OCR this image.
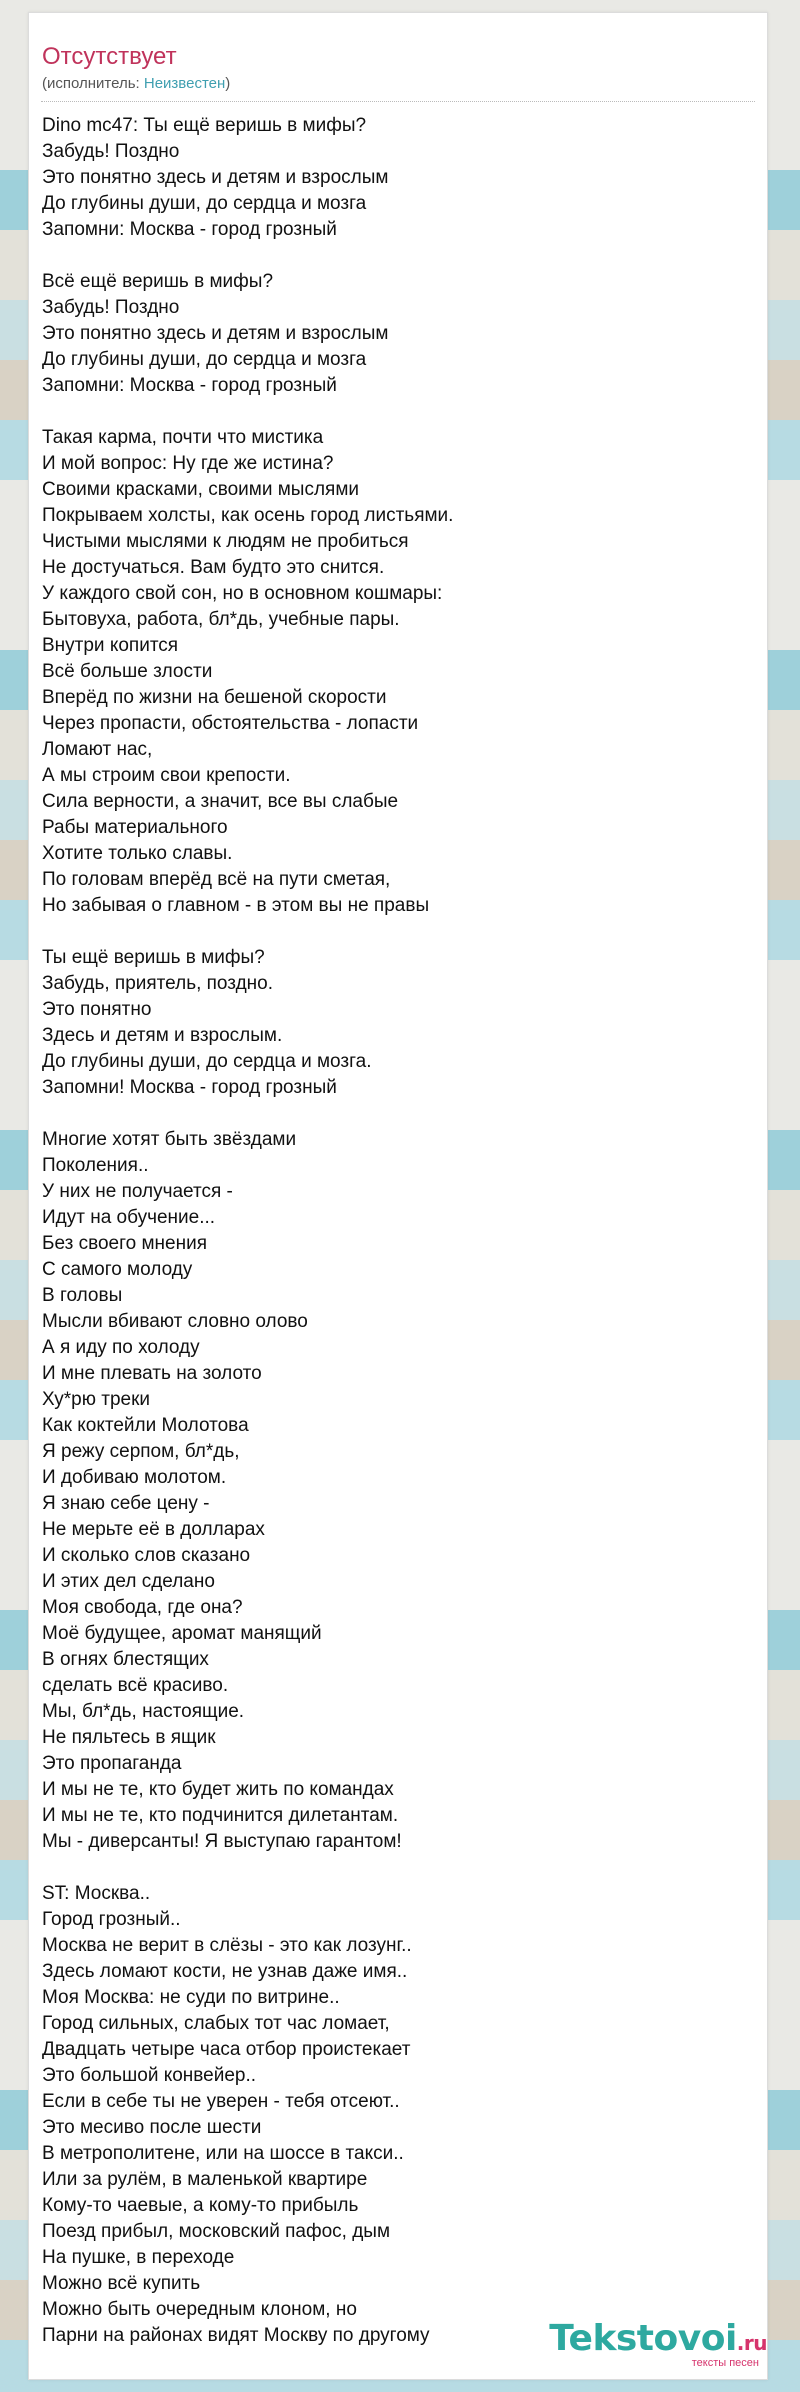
Отсутствует
(исполнитель: Неизвестен)
Dino mc47: Ты ещё веришь в мифы?
Забудь! Поздно
Это понятно здесь и детям и взрослым
До глубины души, до сердца и мозга
Запомни: Москва - город грозный

Всё ещё веришь в мифы?
Забудь! Поздно
Это понятно здесь и детям и взрослым
До глубины души, до сердца и мозга
Запомни: Москва - город грозный

Такая карма, почти что мистика
И мой вопрос: Ну где же истина?
Своими красками, своими мыслями
Покрываем холсты, как осень город листьями.
Чистыми мыслями к людям не пробиться
Не достучаться. Вам будто это снится.
У каждого свой сон, но в основном кошмары:
Бытовуха, работа, бл*дь, учебные пары.
Внутри копится
Всё больше злости
Вперёд по жизни на бешеной скорости
Через пропасти, обстоятельства - лопасти
Ломают нас,
А мы строим свои крепости.
Сила верности, а значит, все вы слабые
Рабы материального
Хотите только славы.
По головам вперёд всё на пути сметая,
Но забывая о главном - в этом вы не правы

Ты ещё веришь в мифы?
Забудь, приятель, поздно.
Это понятно
Здесь и детям и взрослым.
До глубины души, до сердца и мозга.
Запомни! Москва - город грозный

Многие хотят быть звёздами
Поколения..
У них не получается -
Идут на обучение...
Без своего мнения
С самого молоду
В головы
Мысли вбивают словно олово
А я иду по холоду
И мне плевать на золото
Ху*рю треки
Как коктейли Молотова
Я режу серпом, бл*дь,
И добиваю молотом.
Я знаю себе цену -
Не мерьте её в долларах
И сколько слов сказано
И этих дел сделано
Моя свобода, где она?
Моё будущее, аромат манящий
В огнях блестящих
сделать всё красиво.
Мы, бл*дь, настоящие.
Не пяльтесь в ящик
Это пропаганда
И мы не те, кто будет жить по командах
И мы не те, кто подчинится дилетантам.
Мы - диверсанты! Я выступаю гарантом!

ST: Москва..
Город грозный..
Москва не верит в слёзы - это как лозунг..
Здесь ломают кости, не узнав даже имя..
Моя Москва: не суди по витрине..
Город сильных, слабых тот час ломает,
Двадцать четыре часа отбор проистекает
Это большой конвейер..
Если в себе ты не уверен - тебя отсеют..
Это месиво после шести
В метрополитене, или на шоссе в такси..
Или за рулём, в маленькой квартире
Кому-то чаевые, а кому-то прибыль
Поезд прибыл, московский пафос, дым
На пушке, в переходе
Можно всё купить
Можно быть очередным клоном, но
Парни на районах видят Москву по другому	Tekstovoi.ru
тексты песен
